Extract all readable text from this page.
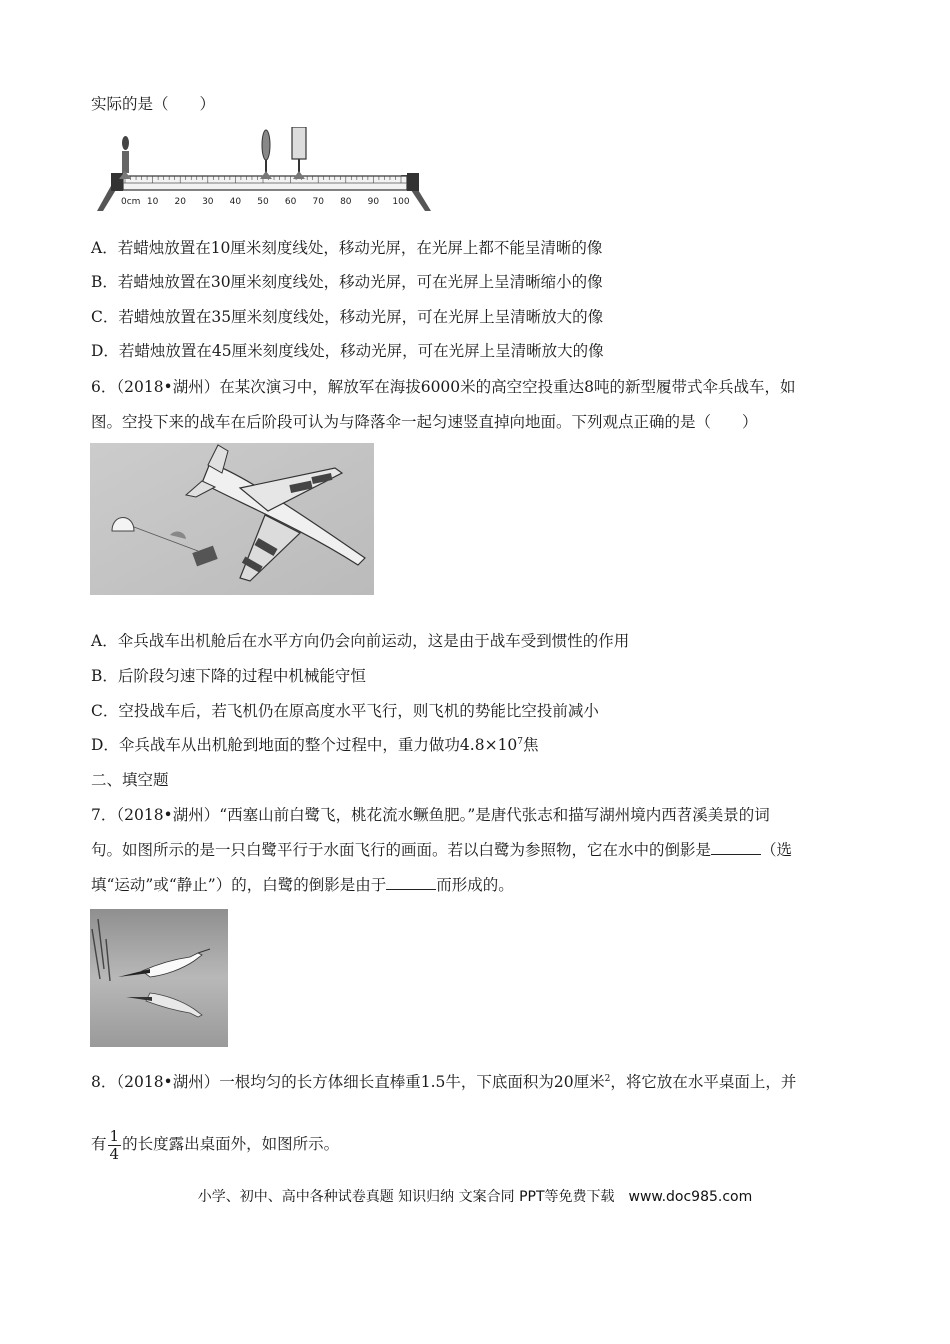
实际的是（　　）
0cm 10 20 30 40 50 60 70 80 90 100
A．若蜡烛放置在10厘米刻度线处，移动光屏，在光屏上都不能呈清晰的像
B．若蜡烛放置在30厘米刻度线处，移动光屏，可在光屏上呈清晰缩小的像
C．若蜡烛放置在35厘米刻度线处，移动光屏，可在光屏上呈清晰放大的像
D．若蜡烛放置在45厘米刻度线处，移动光屏，可在光屏上呈清晰放大的像
6．（2018•湖州）在某次演习中，解放军在海拔6000米的高空空投重达8吨的新型履带式伞兵战车，如
图。空投下来的战车在后阶段可认为与降落伞一起匀速竖直掉向地面。下列观点正确的是（　　）
A．伞兵战车出机舱后在水平方向仍会向前运动，这是由于战车受到惯性的作用
B．后阶段匀速下降的过程中机械能守恒
C．空投战车后，若飞机仍在原高度水平飞行，则飞机的势能比空投前减小
D．伞兵战车从出机舱到地面的整个过程中，重力做功$4.8\times 10^7$焦
二、填空题
7．（2018•湖州）“西塞山前白鹭飞，桃花流水鳜鱼肥。”是唐代张志和描写湖州境内西苕溪美景的词
句。如图所示的是一只白鹭平行于水面飞行的画面。若以白鹭为参照物，它在水中的倒影是	（选
填“运动”或“静止”）的，白鹭的倒影是由于	而形成的。
8．（2018•湖州）一根均匀的长方体细长直棒重1.5牛，下底面积为20厘米$^2$，将它放在水平桌面上，并
有 $\frac{1}{4}$ 的长度露出桌面外，如图所示。
小学、初中、高中各种试卷真题 知识归纳 文案合同 PPT等免费下载　www.doc985.com
